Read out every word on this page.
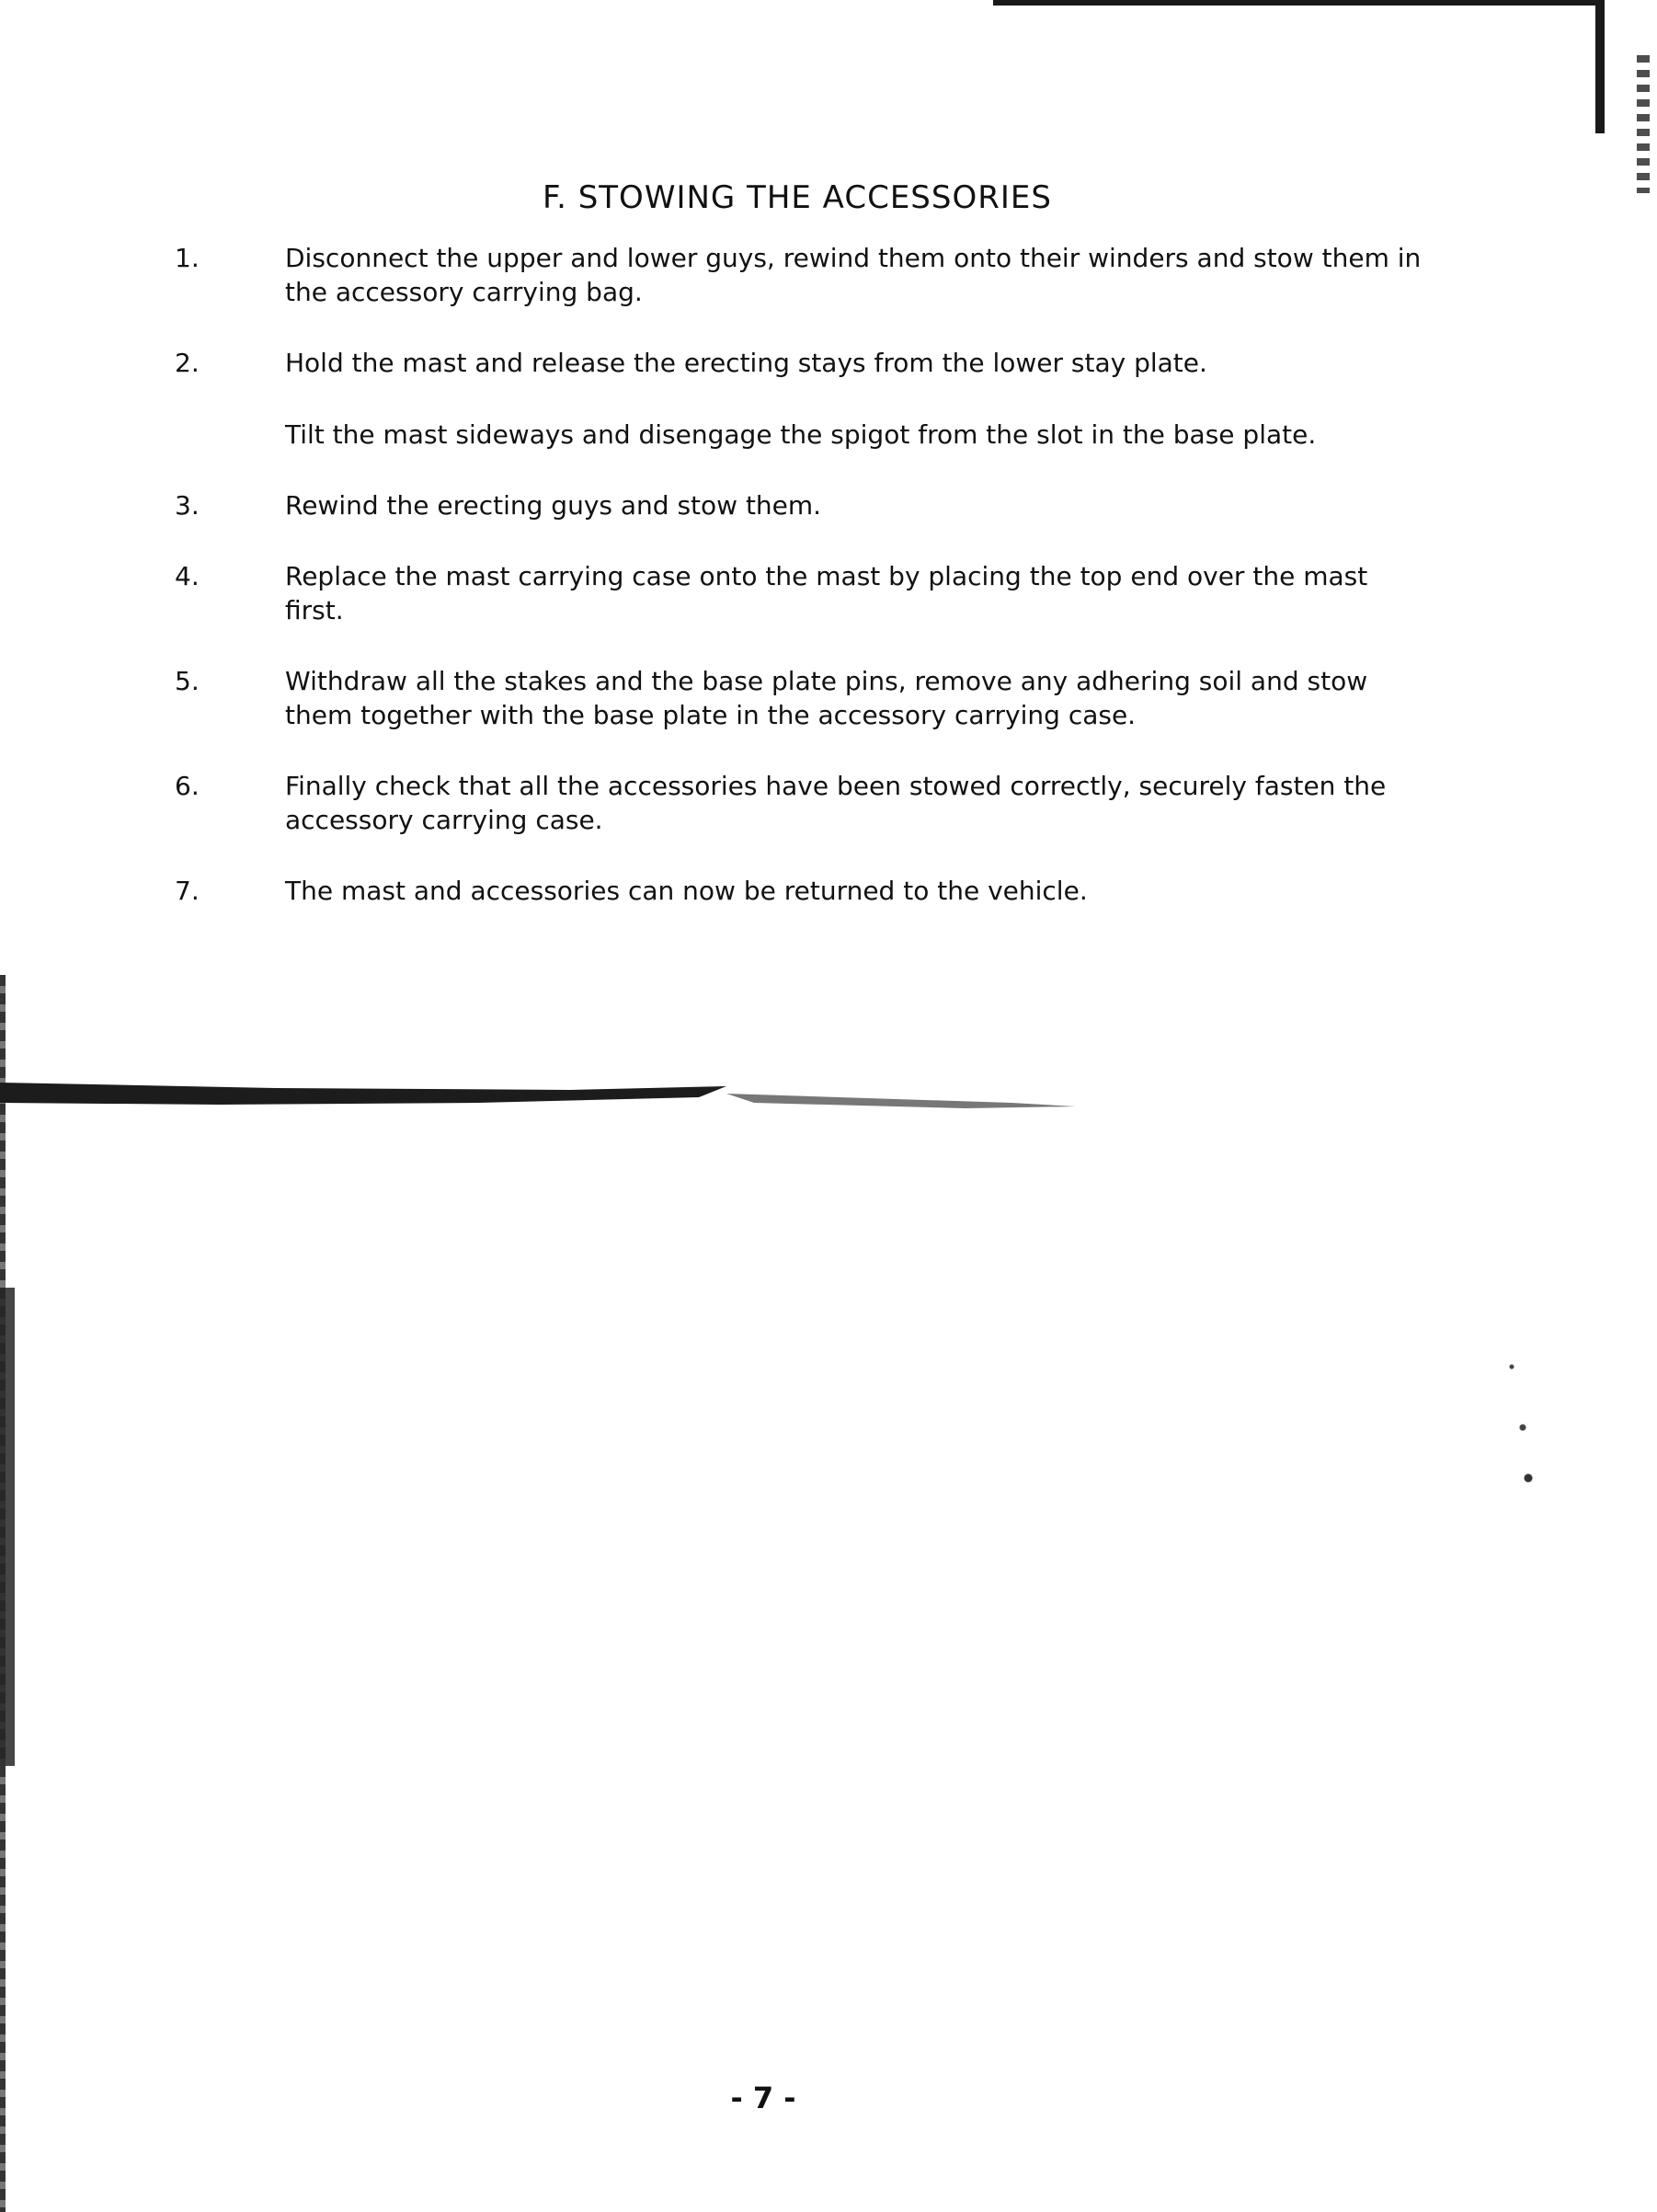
F. STOWING THE ACCESSORIES
1.	Disconnect the upper and lower guys, rewind them onto their winders and stow them in the accessory carrying bag.

2.	Hold the mast and release the erecting stays from the lower stay plate.

Tilt the mast sideways and disengage the spigot from the slot in the base plate.

3.	Rewind the erecting guys and stow them.

4.	Replace the mast carrying case onto the mast by placing the top end over the mast first.

5.	Withdraw all the stakes and the base plate pins, remove any adhering soil and stow them together with the base plate in the accessory carrying case.

6.	Finally check that all the accessories have been stowed correctly, securely fasten the accessory carrying case.

7.	The mast and accessories can now be returned to the vehicle.

- 7 -
